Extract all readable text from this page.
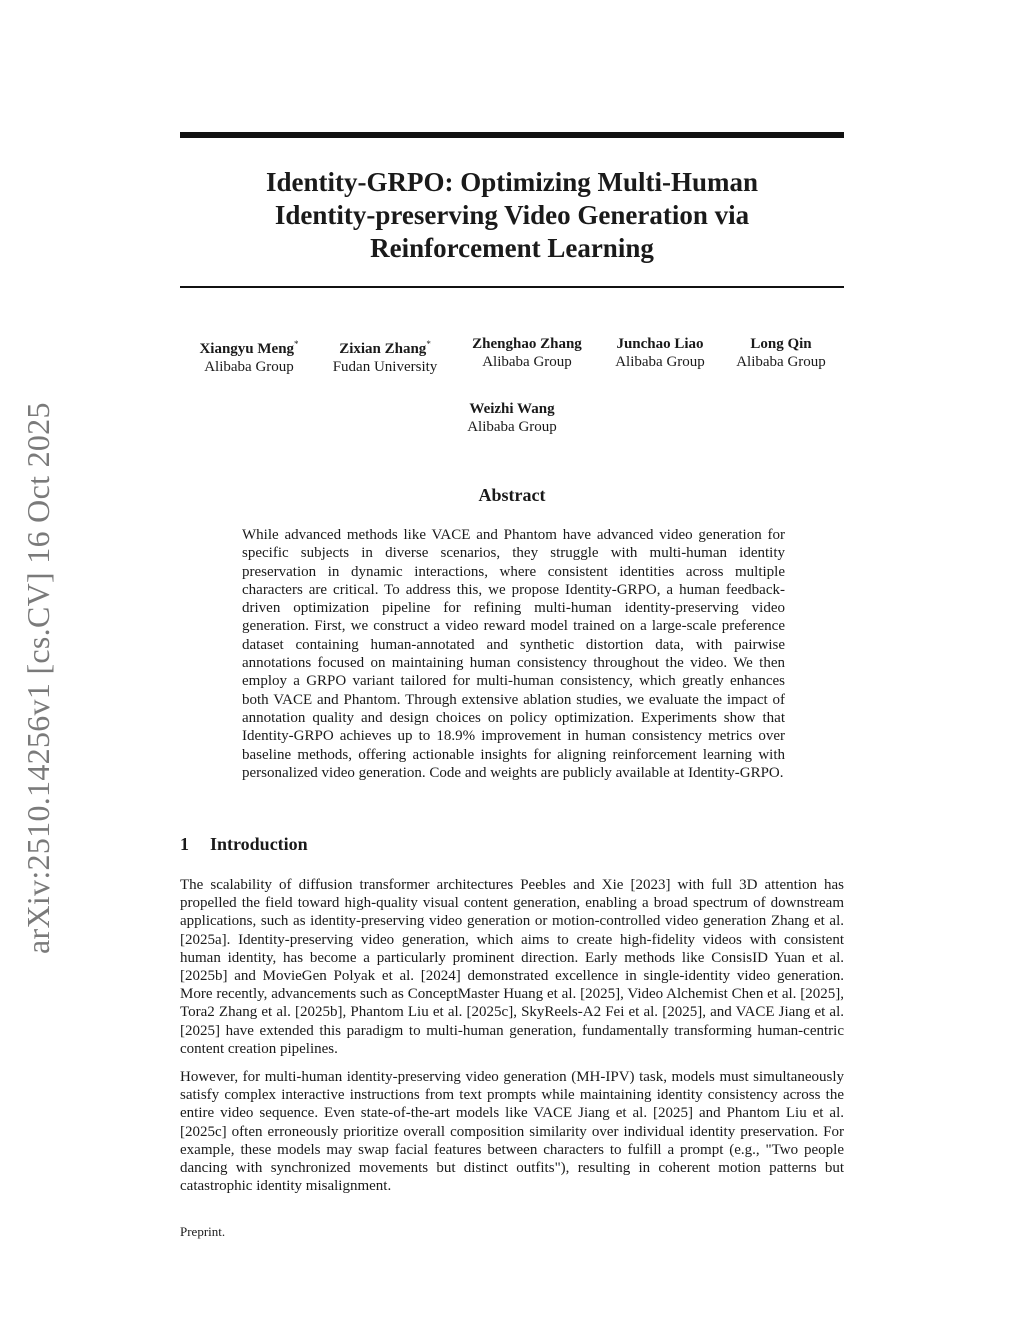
arXiv:2510.14256v1 [cs.CV] 16 Oct 2025
Identity-GRPO: Optimizing Multi-Human
Identity-preserving Video Generation via
Reinforcement Learning
Xiangyu Meng*
Alibaba Group
Zixian Zhang*
Fudan University
Zhenghao Zhang
Alibaba Group
Junchao Liao
Alibaba Group
Long Qin
Alibaba Group
Weizhi Wang
Alibaba Group
Abstract
While advanced methods like VACE and Phantom have advanced video generation for specific subjects in diverse scenarios, they struggle with multi-human identity preservation in dynamic interactions, where consistent identities across multiple characters are critical. To address this, we propose Identity-GRPO, a human feedback-driven optimization pipeline for refining multi-human identity-preserving video generation. First, we construct a video reward model trained on a large-scale preference dataset containing human-annotated and synthetic distortion data, with pairwise annotations focused on maintaining human consistency throughout the video. We then employ a GRPO variant tailored for multi-human consistency, which greatly enhances both VACE and Phantom. Through extensive ablation studies, we evaluate the impact of annotation quality and design choices on policy optimization. Experiments show that Identity-GRPO achieves up to 18.9% improvement in human consistency metrics over baseline methods, offering actionable insights for aligning reinforcement learning with personalized video generation. Code and weights are publicly available at Identity-GRPO.
1 Introduction

The scalability of diffusion transformer architectures Peebles and Xie [2023] with full 3D attention has propelled the field toward high-quality visual content generation, enabling a broad spectrum of downstream applications, such as identity-preserving video generation or motion-controlled video generation Zhang et al. [2025a]. Identity-preserving video generation, which aims to create high-fidelity videos with consistent human identity, has become a particularly prominent direction. Early methods like ConsisID Yuan et al. [2025b] and MovieGen Polyak et al. [2024] demonstrated excellence in single-identity video generation. More recently, advancements such as ConceptMaster Huang et al. [2025], Video Alchemist Chen et al. [2025], Tora2 Zhang et al. [2025b], Phantom Liu et al. [2025c], SkyReels-A2 Fei et al. [2025], and VACE Jiang et al. [2025] have extended this paradigm to multi-human generation, fundamentally transforming human-centric content creation pipelines.

However, for multi-human identity-preserving video generation (MH-IPV) task, models must simultaneously satisfy complex interactive instructions from text prompts while maintaining identity consistency across the entire video sequence. Even state-of-the-art models like VACE Jiang et al. [2025] and Phantom Liu et al. [2025c] often erroneously prioritize overall composition similarity over individual identity preservation. For example, these models may swap facial features between characters to fulfill a prompt (e.g., "Two people dancing with synchronized movements but distinct outfits"), resulting in coherent motion patterns but catastrophic identity misalignment.

Preprint.
